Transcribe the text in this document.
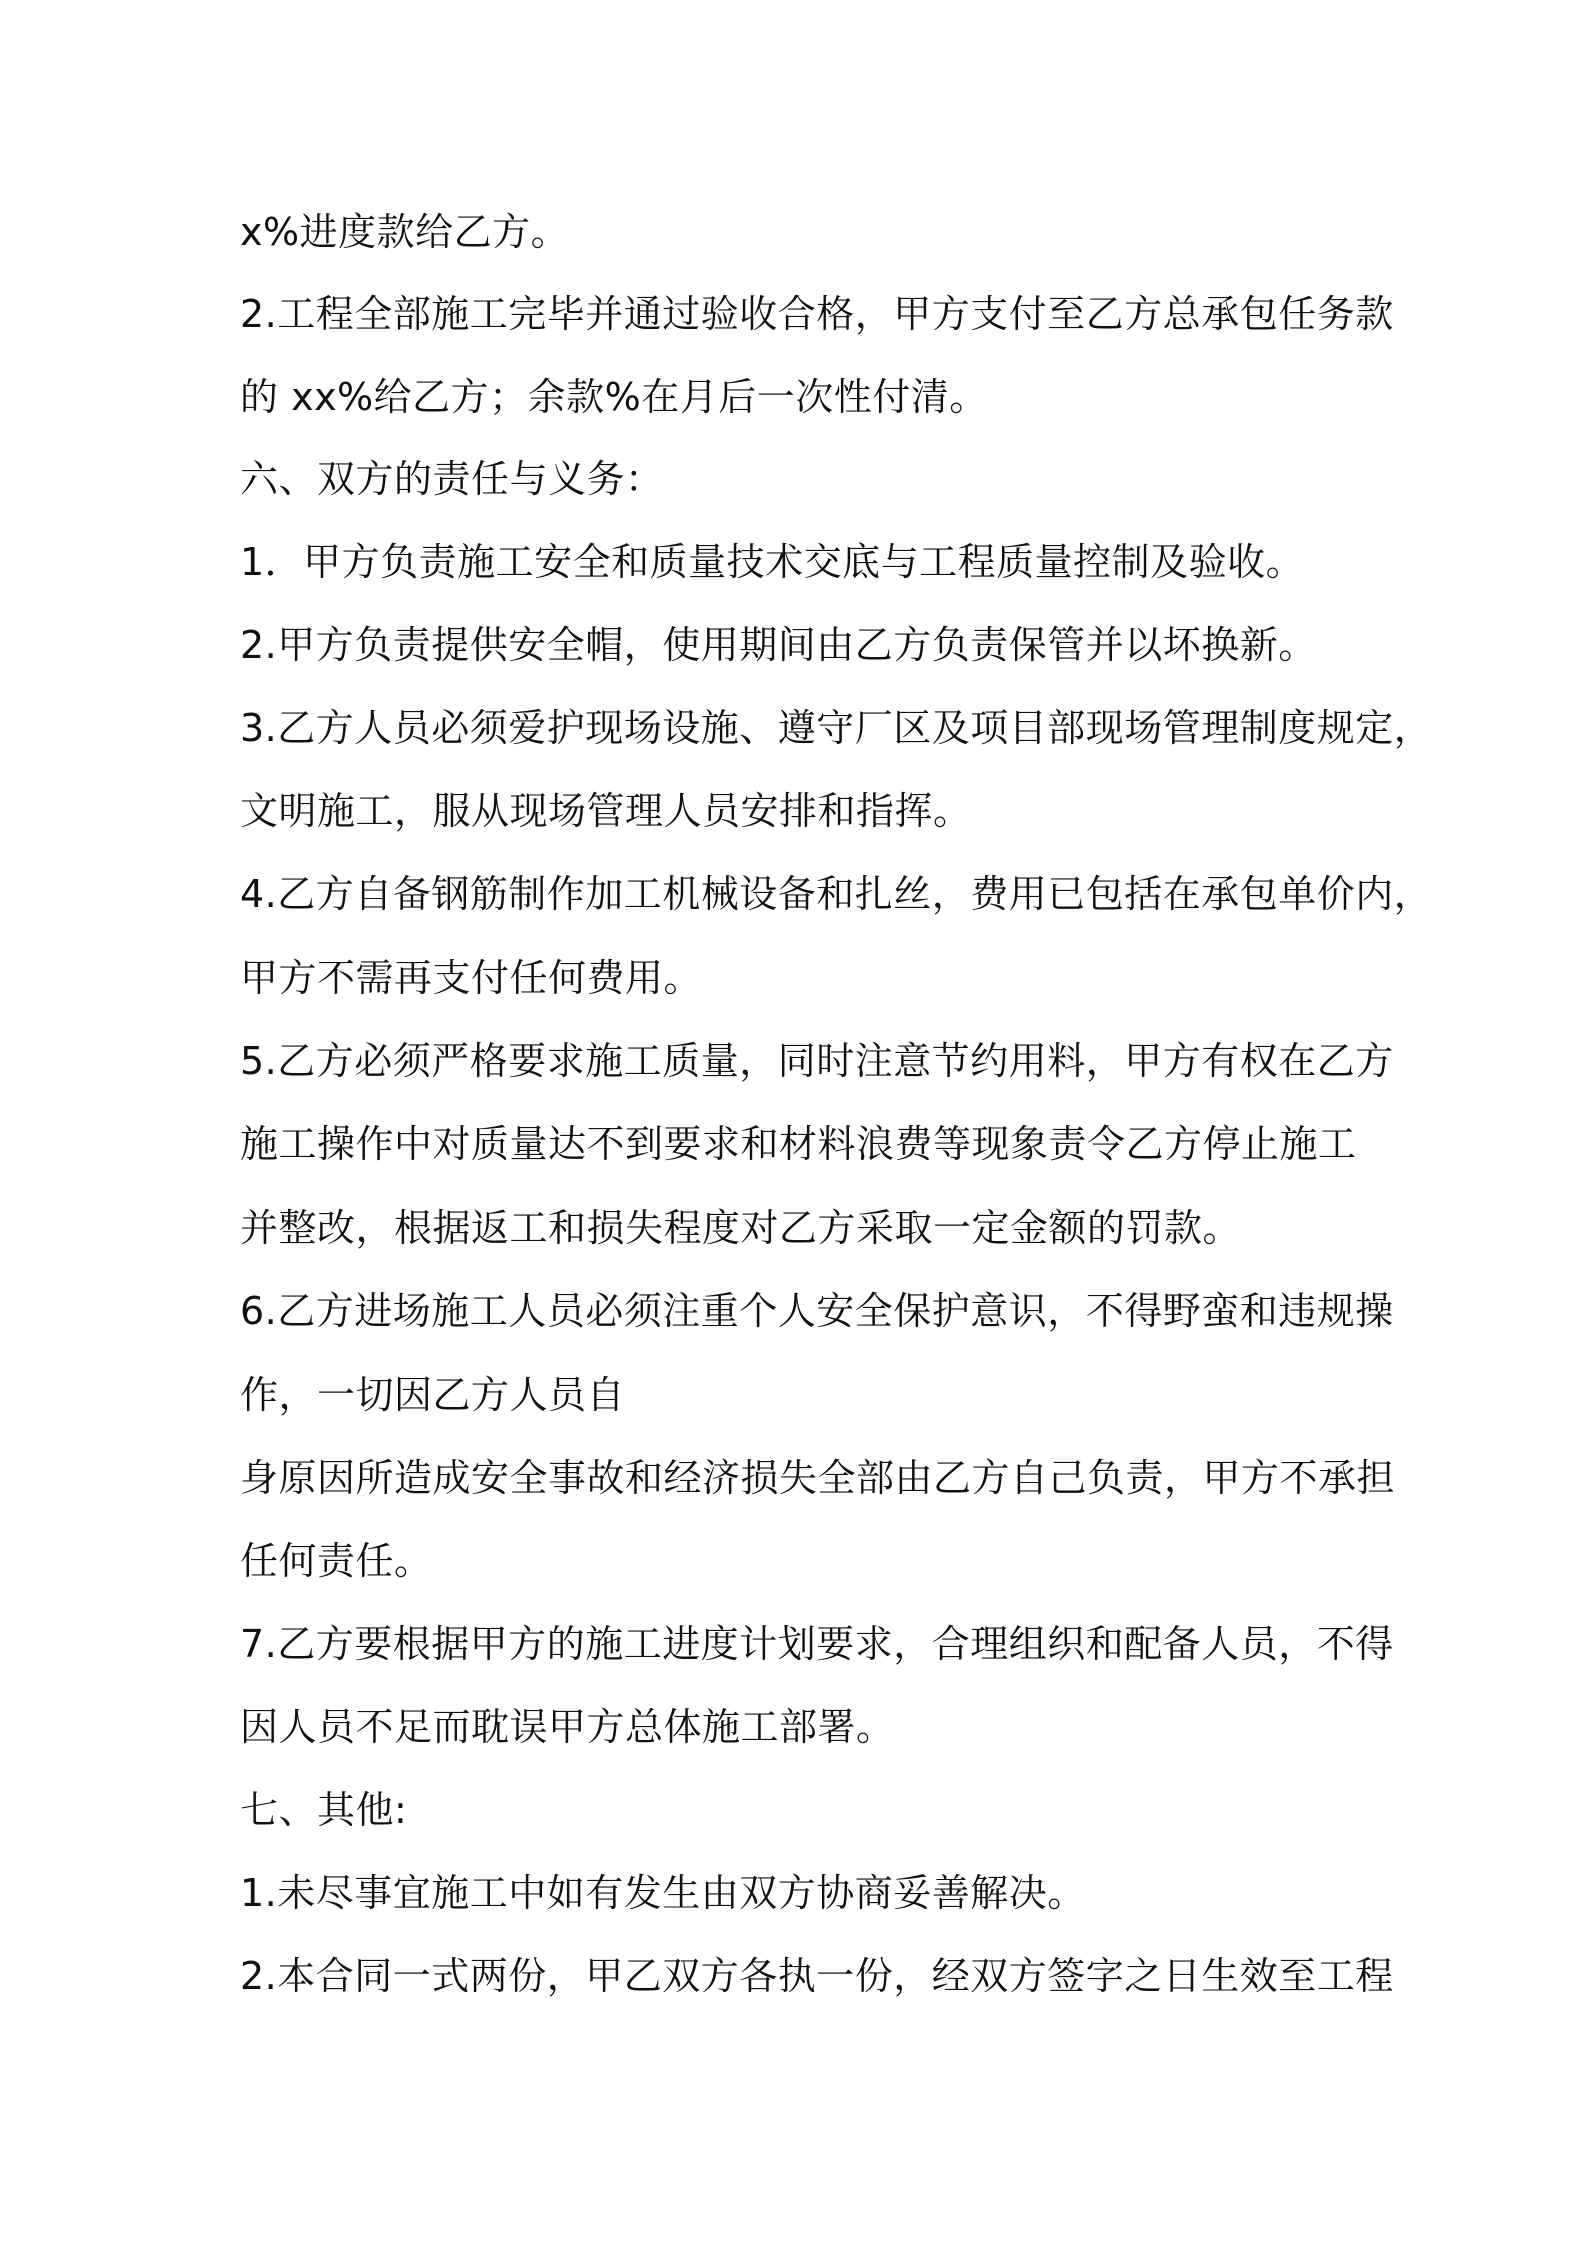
x%进度款给乙方。

2.工程全部施工完毕并通过验收合格，甲方支付至乙方总承包任务款

的 xx%给乙方；余款%在月后一次性付清。

六、双方的责任与义务：

1．甲方负责施工安全和质量技术交底与工程质量控制及验收。

2.甲方负责提供安全帽，使用期间由乙方负责保管并以坏换新。

3.乙方人员必须爱护现场设施、遵守厂区及项目部现场管理制度规定，

文明施工，服从现场管理人员安排和指挥。

4.乙方自备钢筋制作加工机械设备和扎丝，费用已包括在承包单价内，

甲方不需再支付任何费用。

5.乙方必须严格要求施工质量，同时注意节约用料，甲方有权在乙方

施工操作中对质量达不到要求和材料浪费等现象责令乙方停止施工

并整改，根据返工和损失程度对乙方采取一定金额的罚款。

6.乙方进场施工人员必须注重个人安全保护意识，不得野蛮和违规操

作，一切因乙方人员自

身原因所造成安全事故和经济损失全部由乙方自己负责，甲方不承担

任何责任。

7.乙方要根据甲方的施工进度计划要求，合理组织和配备人员，不得

因人员不足而耽误甲方总体施工部署。

七、其他:

1.未尽事宜施工中如有发生由双方协商妥善解决。

2.本合同一式两份，甲乙双方各执一份，经双方签字之日生效至工程
